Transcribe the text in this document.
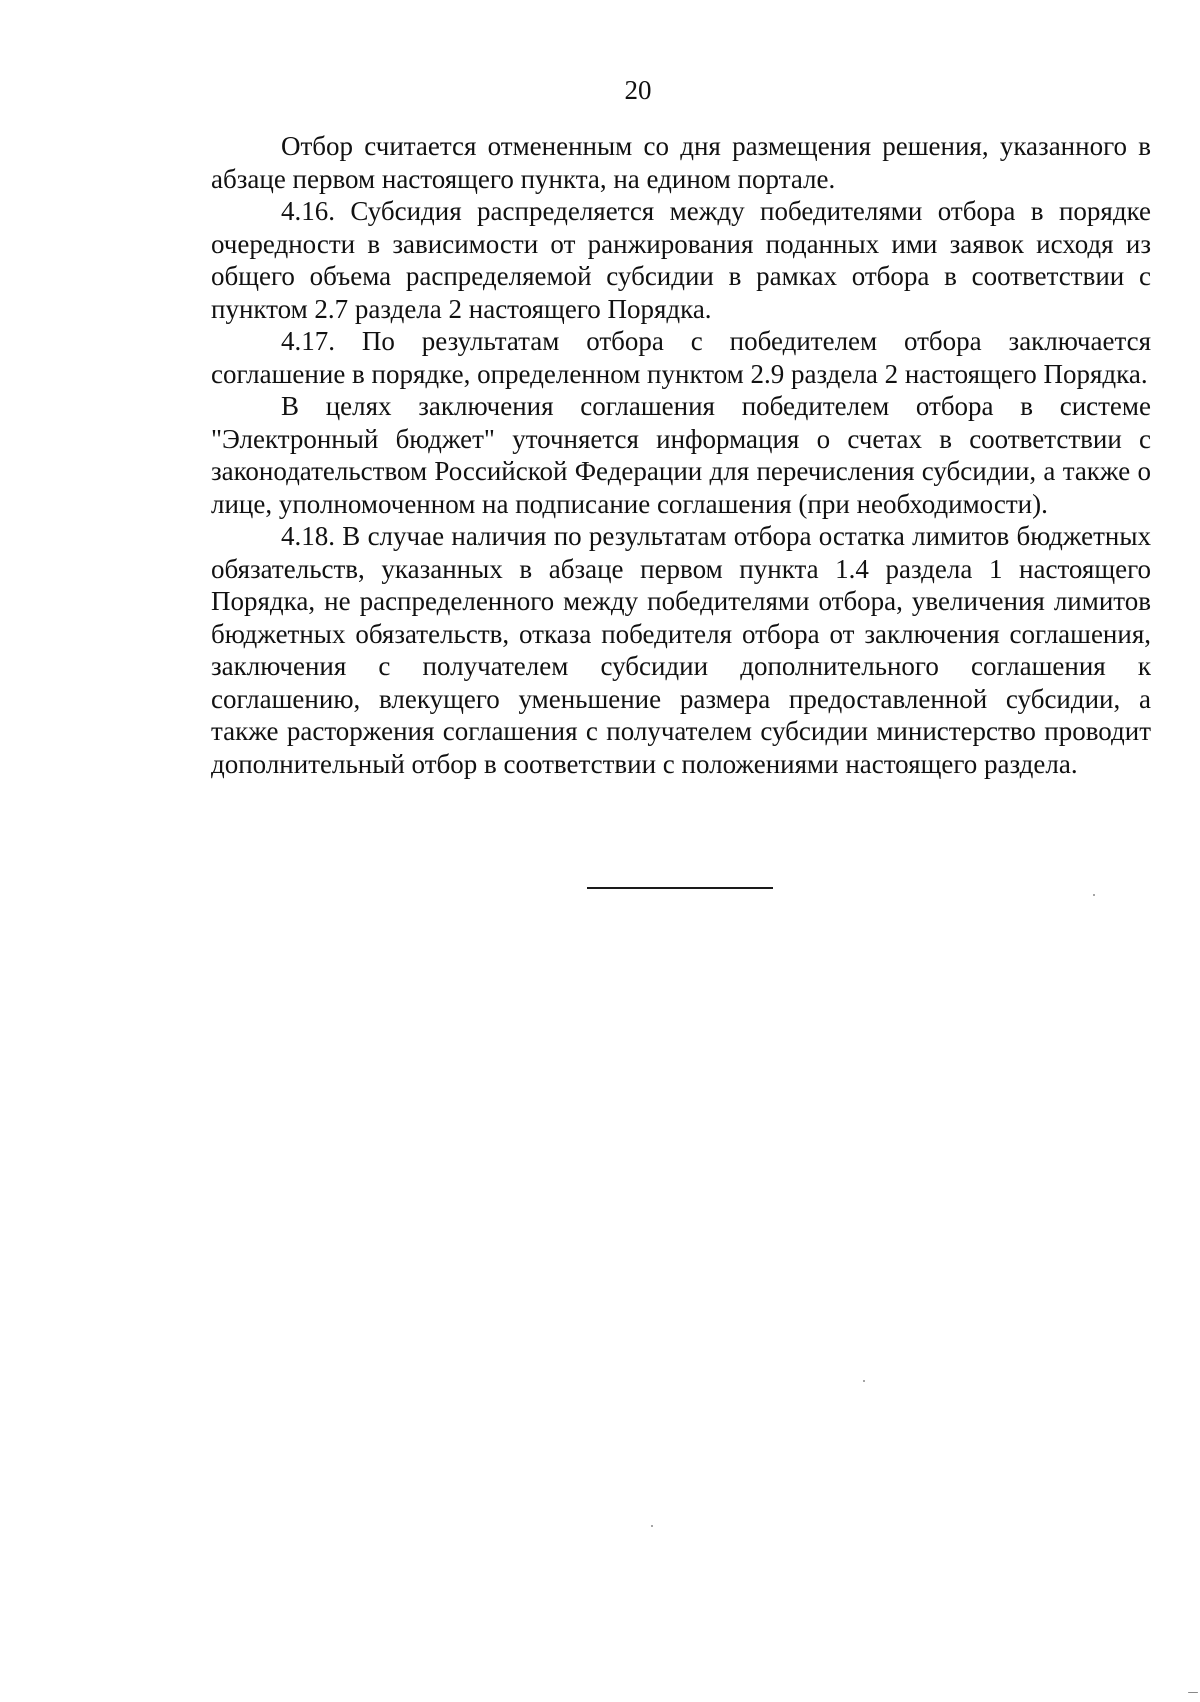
20

Отбор считается отмененным со дня размещения решения, указанного в абзаце первом настоящего пункта, на едином портале.

4.16. Субсидия распределяется между победителями отбора в порядке очередности в зависимости от ранжирования поданных ими заявок исходя из общего объема распределяемой субсидии в рамках отбора в соответствии с пунктом 2.7 раздела 2 настоящего Порядка.

4.17. По результатам отбора с победителем отбора заключается соглашение в порядке, определенном пунктом 2.9 раздела 2 настоящего Порядка.

В целях заключения соглашения победителем отбора в системе "Электронный бюджет" уточняется информация о счетах в соответствии с законодательством Российской Федерации для перечисления субсидии, а также о лице, уполномоченном на подписание соглашения (при необходимости).

4.18. В случае наличия по результатам отбора остатка лимитов бюджетных обязательств, указанных в абзаце первом пункта 1.4 раздела 1 настоящего Порядка, не распределенного между победителями отбора, увеличения лимитов бюджетных обязательств, отказа победителя отбора от заключения соглашения, заключения с получателем субсидии дополнительного соглашения к соглашению, влекущего уменьшение размера предоставленной субсидии, а также расторжения соглашения с получателем субсидии министерство проводит дополнительный отбор в соответствии с положениями настоящего раздела.
